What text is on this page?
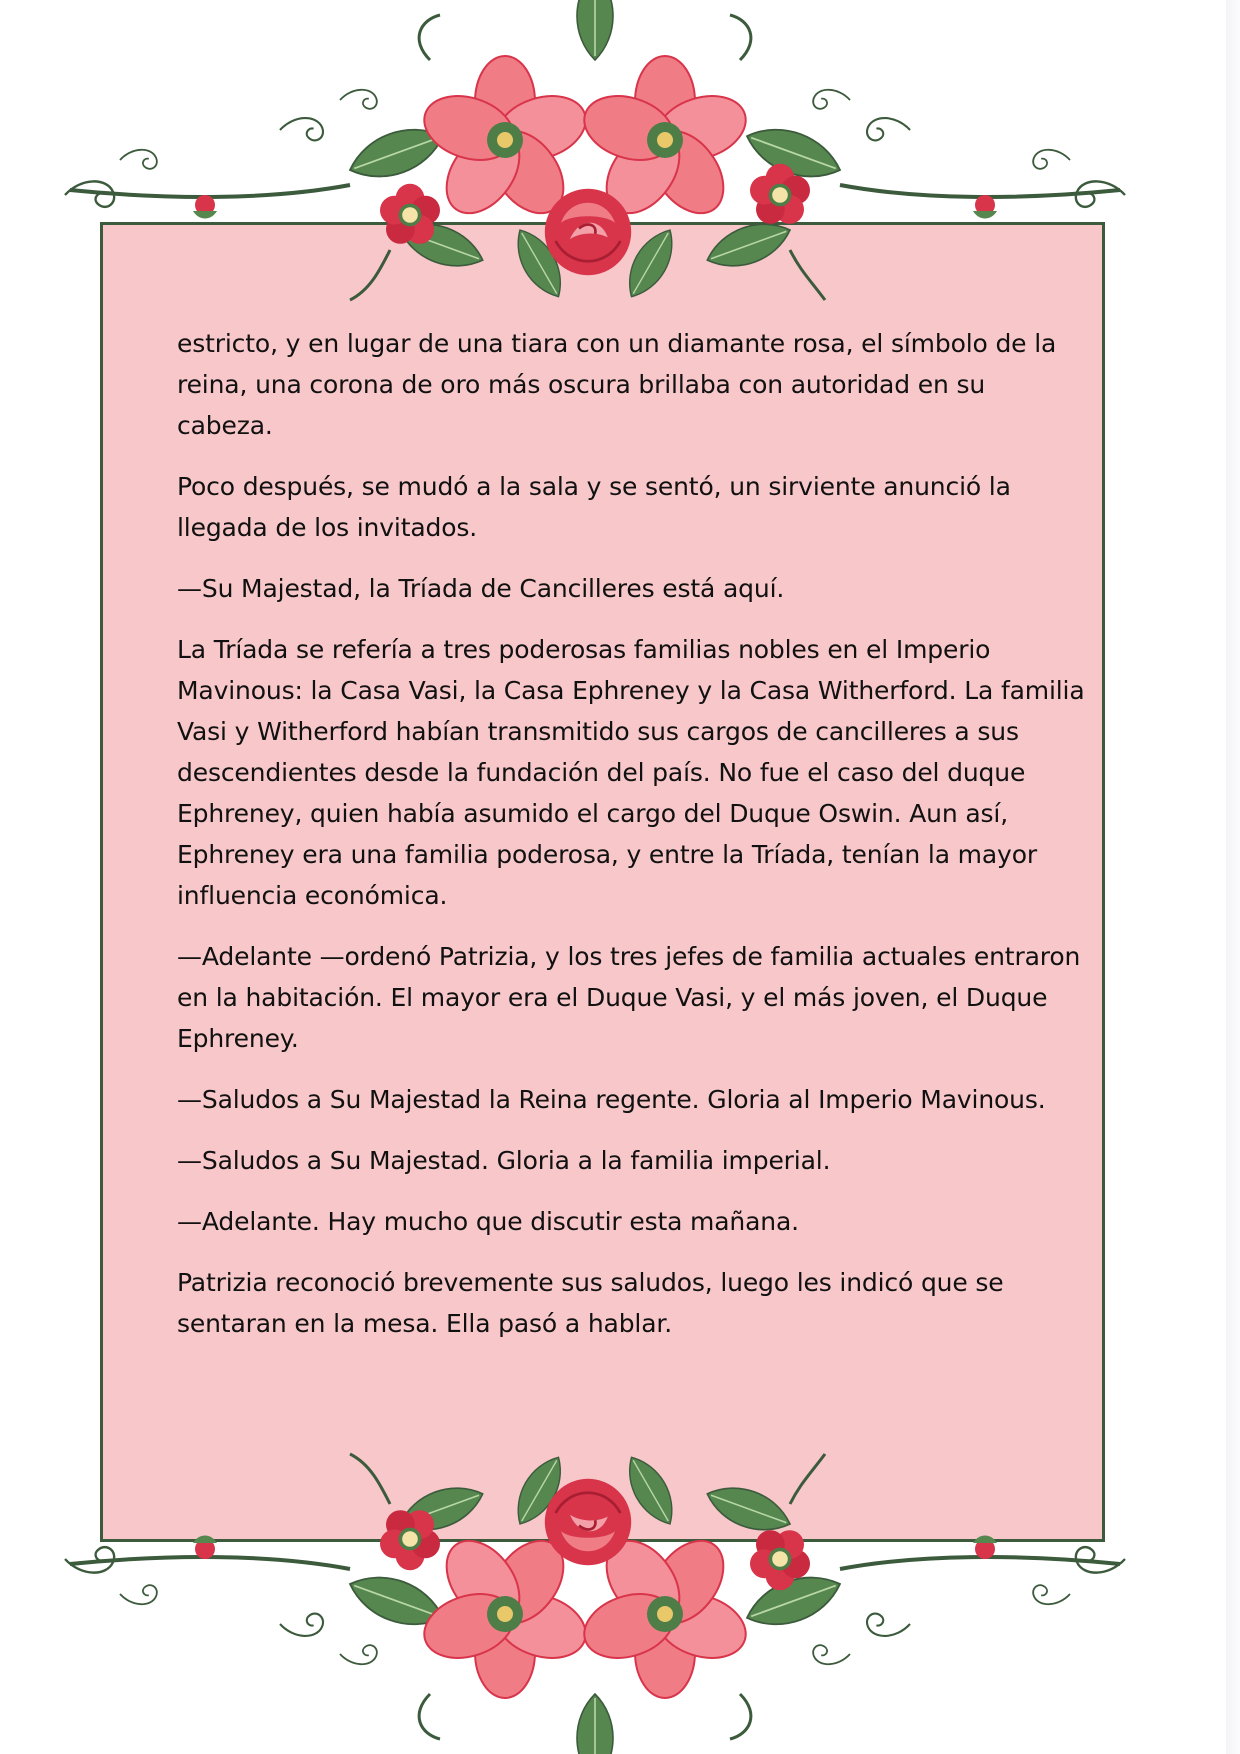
estricto, y en lugar de una tiara con un diamante rosa, el símbolo de la reina, una corona de oro más oscura brillaba con autoridad en su cabeza.

Poco después, se mudó a la sala y se sentó, un sirviente anunció la llegada de los invitados.

—Su Majestad, la Tríada de Cancilleres está aquí.

La Tríada se refería a tres poderosas familias nobles en el Imperio Mavinous: la Casa Vasi, la Casa Ephreney y la Casa Witherford. La familia Vasi y Witherford habían transmitido sus cargos de cancilleres a sus descendientes desde la fundación del país. No fue el caso del duque Ephreney, quien había asumido el cargo del Duque Oswin. Aun así, Ephreney era una familia poderosa, y entre la Tríada, tenían la mayor influencia económica.

—Adelante —ordenó Patrizia, y los tres jefes de familia actuales entraron en la habitación. El mayor era el Duque Vasi, y el más joven, el Duque Ephreney.

—Saludos a Su Majestad la Reina regente. Gloria al Imperio Mavinous.

—Saludos a Su Majestad. Gloria a la familia imperial.

—Adelante. Hay mucho que discutir esta mañana.

Patrizia reconoció brevemente sus saludos, luego les indicó que se sentaran en la mesa. Ella pasó a hablar.
